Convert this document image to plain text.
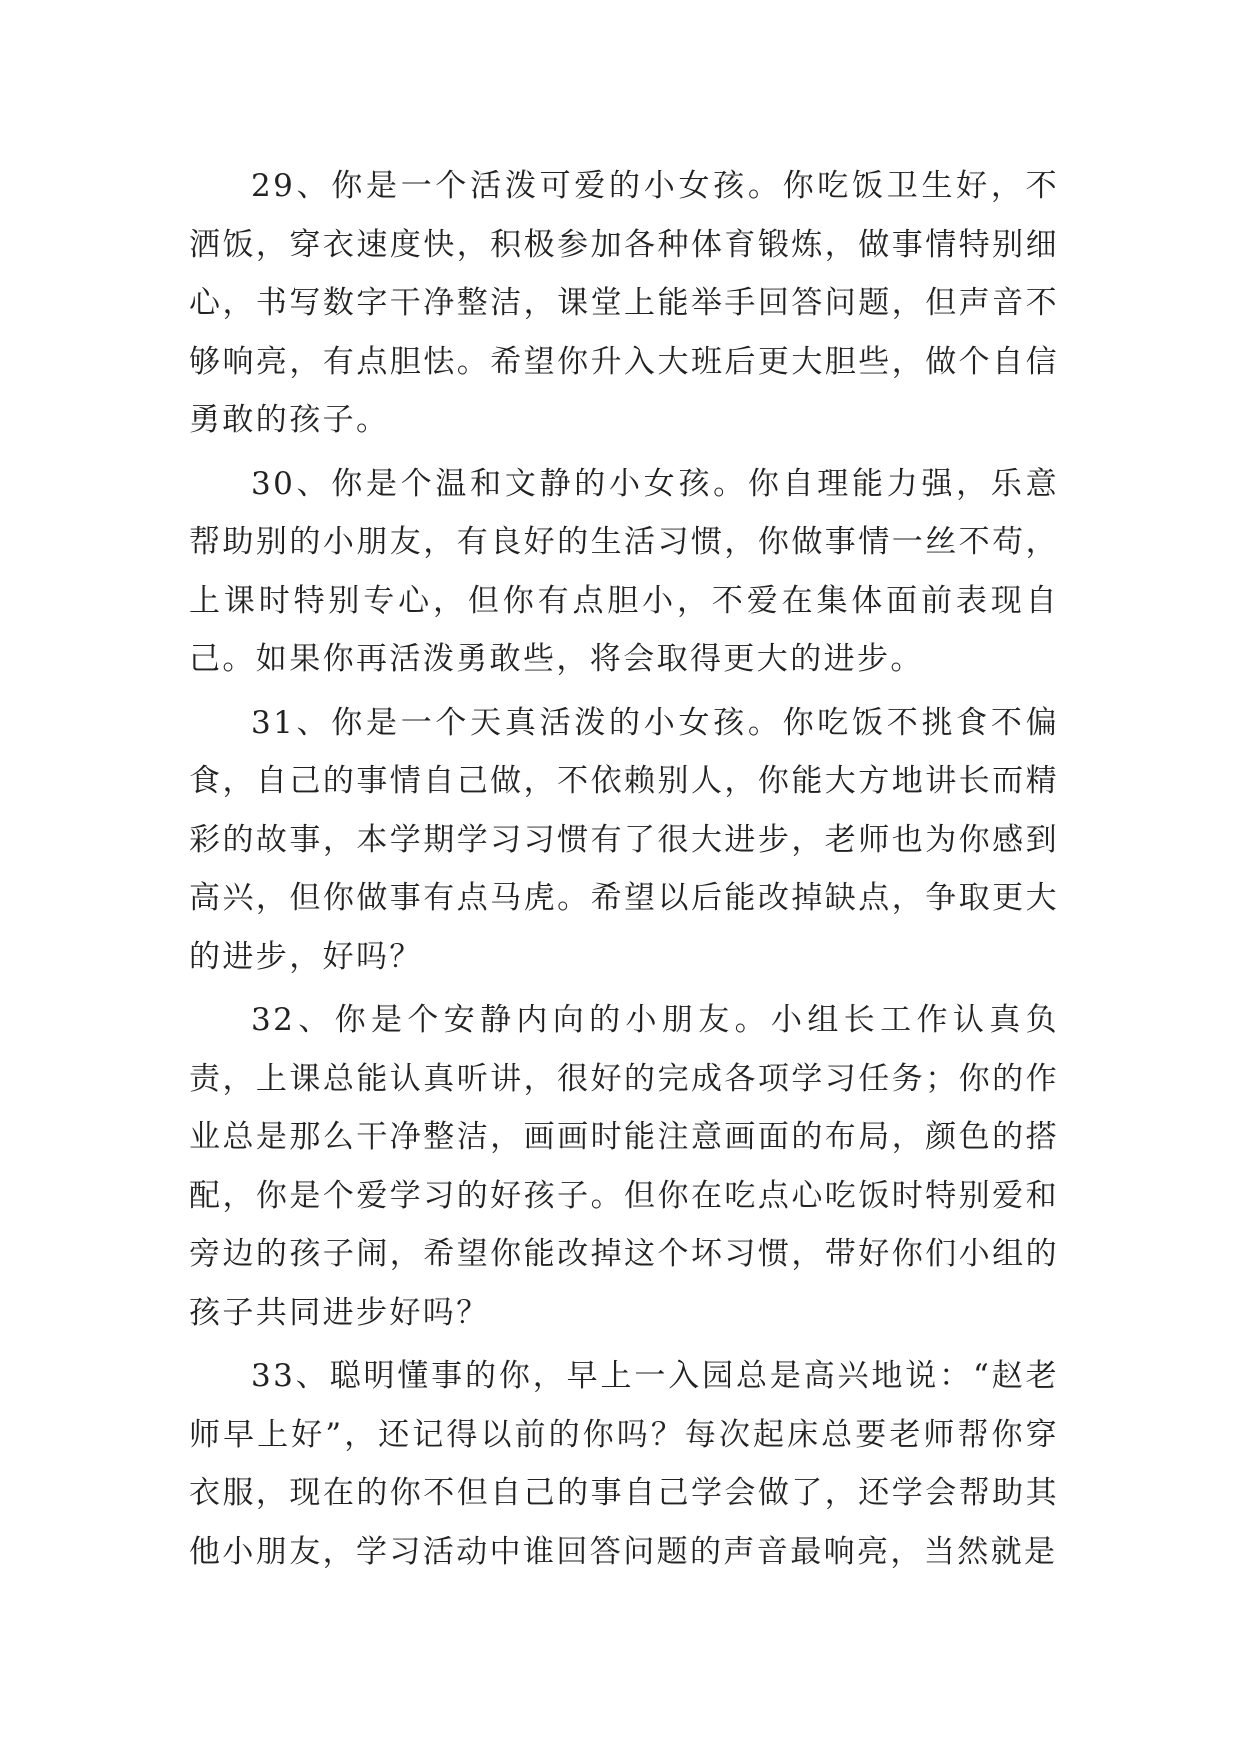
29、你是一个活泼可爱的小女孩。你吃饭卫生好，不洒饭，穿衣速度快，积极参加各种体育锻炼，做事情特别细心，书写数字干净整洁，课堂上能举手回答问题，但声音不够响亮，有点胆怯。希望你升入大班后更大胆些，做个自信勇敢的孩子。

30、你是个温和文静的小女孩。你自理能力强，乐意帮助别的小朋友，有良好的生活习惯，你做事情一丝不苟，上课时特别专心，但你有点胆小，不爱在集体面前表现自己。如果你再活泼勇敢些，将会取得更大的进步。

31、你是一个天真活泼的小女孩。你吃饭不挑食不偏食，自己的事情自己做，不依赖别人，你能大方地讲长而精彩的故事，本学期学习习惯有了很大进步，老师也为你感到高兴，但你做事有点马虎。希望以后能改掉缺点，争取更大的进步，好吗？

32、你是个安静内向的小朋友。小组长工作认真负责，上课总能认真听讲，很好的完成各项学习任务；你的作业总是那么干净整洁，画画时能注意画面的布局，颜色的搭配，你是个爱学习的好孩子。但你在吃点心吃饭时特别爱和旁边的孩子闹，希望你能改掉这个坏习惯，带好你们小组的孩子共同进步好吗？

33、聪明懂事的你，早上一入园总是高兴地说：“赵老师早上好”，还记得以前的你吗？每次起床总要老师帮你穿衣服，现在的你不但自己的事自己学会做了，还学会帮助其他小朋友，学习活动中谁回答问题的声音最响亮，当然就是
